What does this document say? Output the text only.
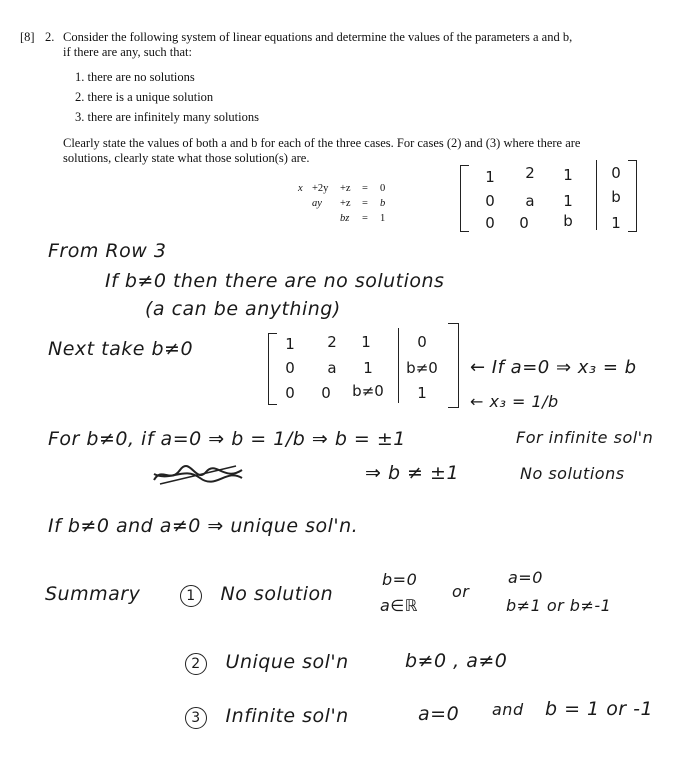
[8] 2. Consider the following system of linear equations and determine the values of the parameters a and b,
if there are any, such that:
1. there are no solutions
2. there is a unique solution
3. there are infinitely many solutions
Clearly state the values of both a and b for each of the three cases. For cases (2) and (3) where there are
solutions, clearly state what those solution(s) are.
x +2y +z = 0
ay +z = b
bz = 1
1	2	1	0
0	a	1	b
0	0	b	1
From Row 3
If b≠0 then there are no solutions
(a can be anything)
Next take b≠0	1	2	1	0
0	a	1	b≠0
0	0	b≠0	1
← If a=0 ⇒ x₃ = b
← x₃ = 1/b
For b≠0, if a=0 ⇒ b = 1/b ⇒ b = ±1	For infinite sol'n
⇒ b ≠ ±1	No solutions
If b≠0 and a≠0 ⇒ unique sol'n.
Summary	1 No solution
b=0
a∈ℝ
or
a=0
b≠1 or b≠-1
2 Unique sol'n	b≠0 , a≠0
3 Infinite sol'n	a=0 and b = 1 or -1
